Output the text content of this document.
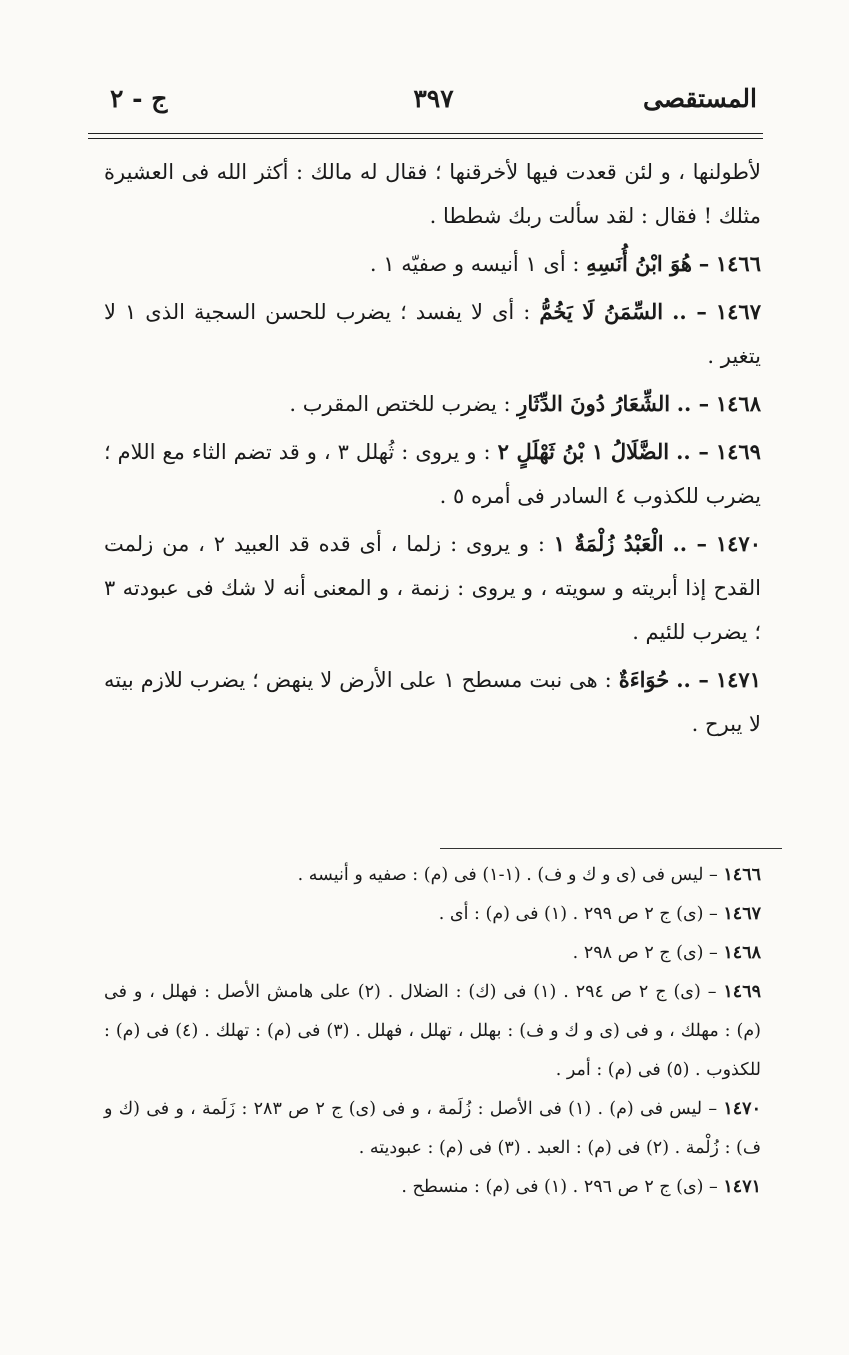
المستقصى
٣٩٧
ج - ٢

لأطولنها ، و لئن قعدت فيها لأخرقنها ؛ فقال له مالك : أكثر الله فى العشيرة مثلك ! فقال : لقد سألت ربك شططا .

١٤٦٦ – هُوَ ابْنُ أُنَسِهِ : أى ١ أنيسه و صفيّه ١ .

١٤٦٧ – .. السِّمَنُ لَا يَخُمُّ : أى لا يفسد ؛ يضرب للحسن السجية الذى ١ لا يتغير .

١٤٦٨ – .. الشِّعَارُ دُونَ الدِّثَارِ : يضرب للختص المقرب .

١٤٦٩ – .. الضَّلَالُ ١ بْنُ ثَهْلَلٍ ٢ : و يروى : ثُهلل ٣ ، و قد تضم الثاء مع اللام ؛ يضرب للكذوب ٤ السادر فى أمره ٥ .

١٤٧٠ – .. الْعَبْدُ زُلْمَةٌ ١ : و يروى : زلما ، أى قده قد العبيد ٢ ، من زلمت القدح إذا أبريته و سويته ، و يروى : زنمة ، و المعنى أنه لا شك فى عبودته ٣ ؛ يضرب للئيم .

١٤٧١ – .. حُوَاءَةٌ : هى نبت مسطح ١ على الأرض لا ينهض ؛ يضرب للازم بيته لا يبرح .

١٤٦٦ – ليس فى (ى و ك و ف) . (١-١) فى (م) : صفيه و أنيسه .

١٤٦٧ – (ى) ج ٢ ص ٢٩٩ . (١) فى (م) : أى .

١٤٦٨ – (ى) ج ٢ ص ٢٩٨ .

١٤٦٩ – (ى) ج ٢ ص ٢٩٤ . (١) فى (ك) : الضلال . (٢) على هامش الأصل : فهلل ، و فى (م) : مهلك ، و فى (ى و ك و ف) : بهلل ، تهلل ، فهلل . (٣) فى (م) : تهلك . (٤) فى (م) : للكذوب . (٥) فى (م) : أمر .

١٤٧٠ – ليس فى (م) . (١) فى الأصل : زُلَمة ، و فى (ى) ج ٢ ص ٢٨٣ : زَلَمة ، و فى (ك و ف) : زُلْمة . (٢) فى (م) : العبد . (٣) فى (م) : عبوديته .

١٤٧١ – (ى) ج ٢ ص ٢٩٦ . (١) فى (م) : منسطح .
